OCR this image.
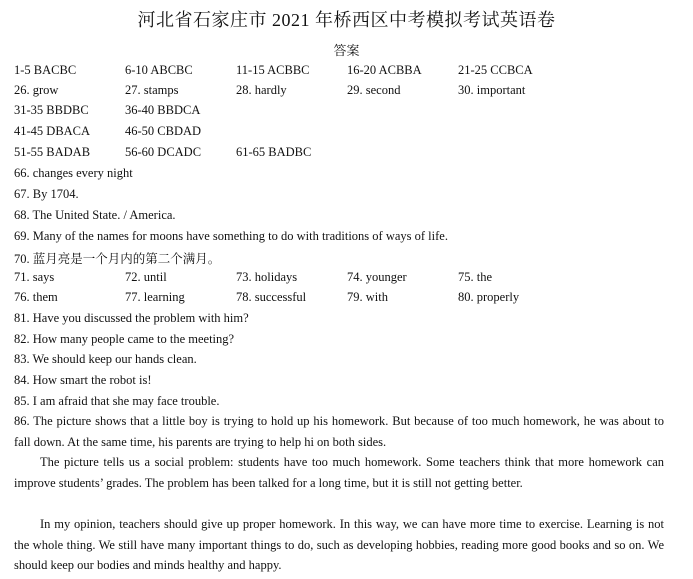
河北省石家庄市 2021 年桥西区中考模拟考试英语卷
答案
1-5 BACBC	6-10 ABCBC	11-15 ACBBC	16-20 ACBBA	21-25 CCBCA
26. grow	27. stamps	28. hardly	29. second	30. important
31-35 BBDBC	36-40 BBDCA
41-45 DBACA	46-50 CBDAD
51-55 BADAB	56-60 DCADC	61-65 BADBC
66. changes every night
67. By 1704.
68. The United State. / America.
69. Many of the names for moons have something to do with traditions of ways of life.
70. 蓝月亮是一个月内的第二个满月。
71. says	72. until	73. holidays	74. younger	75. the
76. them	77. learning	78. successful	79. with	80. properly
81. Have you discussed the problem with him?
82. How many people came to the meeting?
83. We should keep our hands clean.
84. How smart the robot is!
85. I am afraid that she may face trouble.
86. The picture shows that a little boy is trying to hold up his homework. But because of too much homework, he was about to fall down. At the same time, his parents are trying to help hi on both sides.
The picture tells us a social problem: students have too much homework. Some teachers think that more homework can improve students’ grades. The problem has been talked for a long time, but it is still not getting better.
In my opinion, teachers should give up proper homework. In this way, we can have more time to exercise. Learning is not the whole thing. We still have many important things to do, such as developing hobbies, reading more good books and so on. We should keep our bodies and minds healthy and happy.
